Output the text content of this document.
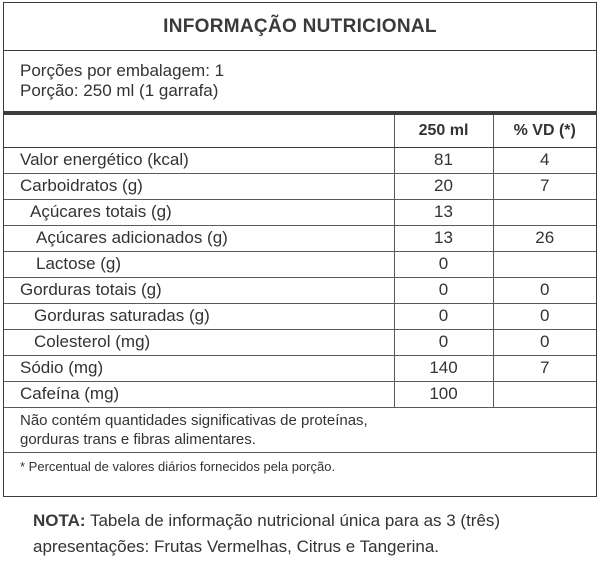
INFORMAÇÃO NUTRICIONAL
Porções por embalagem: 1
Porção: 250 ml (1 garrafa)
	250 ml	% VD (*)
Valor energético (kcal)	81	4
Carboidratos (g)	20	7
Açúcares totais (g)	13	
Açúcares adicionados (g)	13	26
Lactose (g)	0	
Gorduras totais (g)	0	0
Gorduras saturadas (g)	0	0
Colesterol (mg)	0	0
Sódio (mg)	140	7
Cafeína (mg)	100	
Não contém quantidades significativas de proteínas,
gorduras trans e fibras alimentares.
* Percentual de valores diários fornecidos pela porção.
NOTA: Tabela de informação nutricional única para as 3 (três)
apresentações: Frutas Vermelhas, Citrus e Tangerina.
